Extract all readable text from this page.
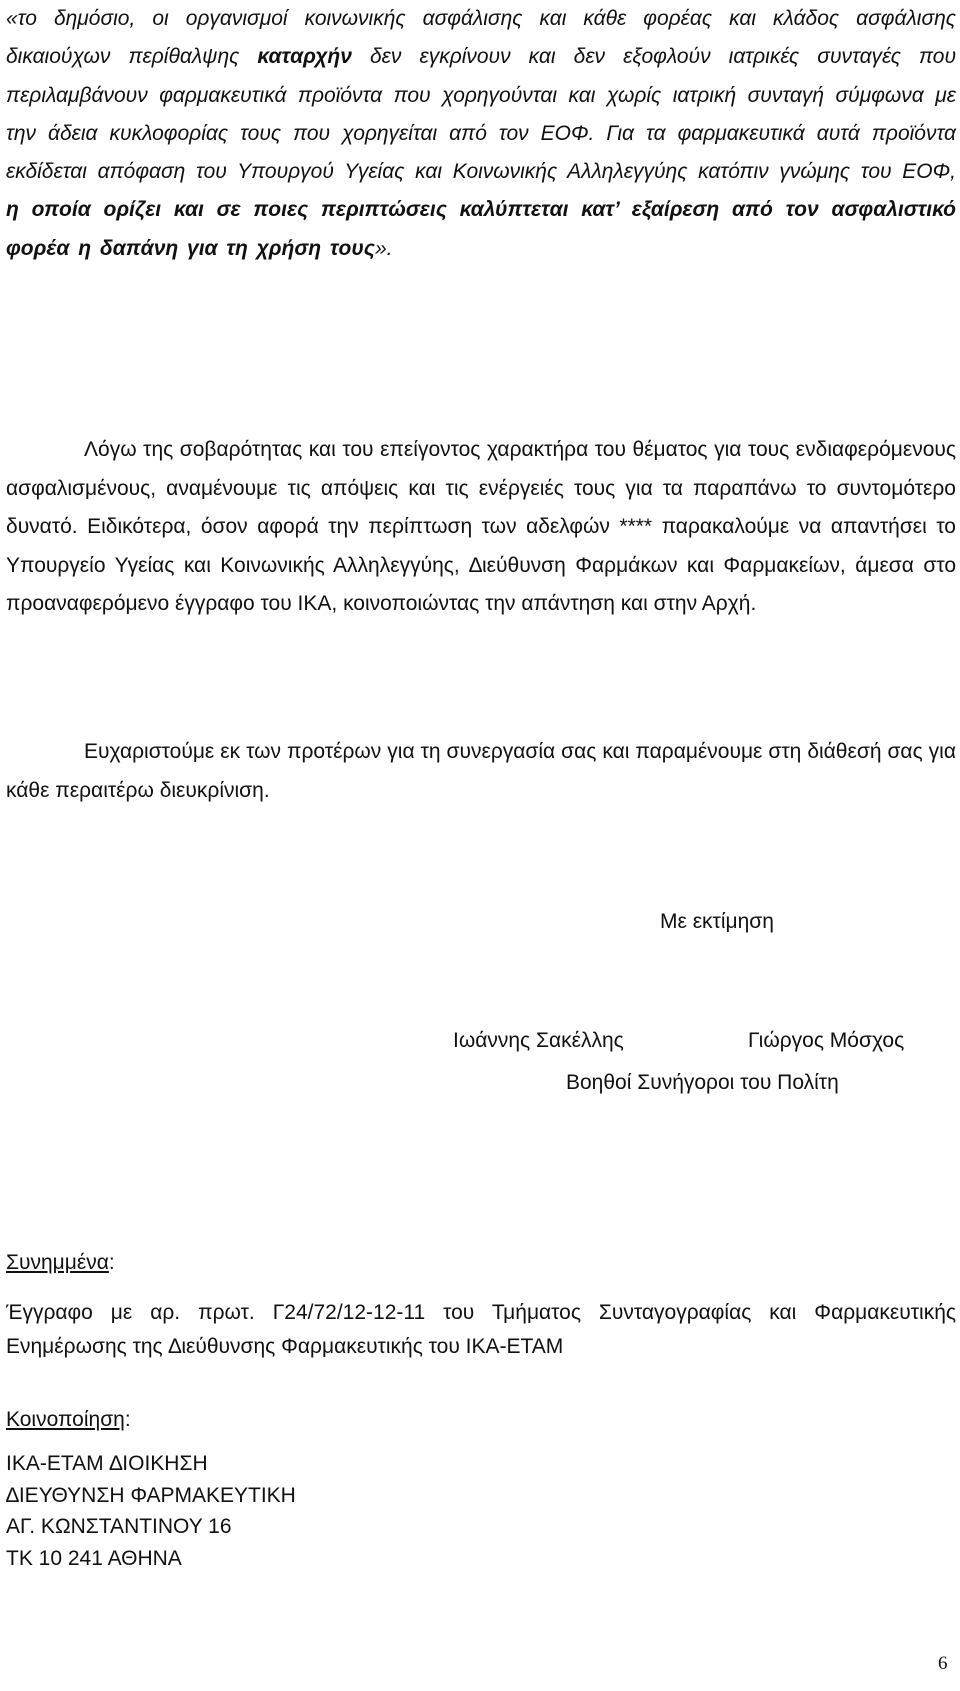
«το δημόσιο, οι οργανισμοί κοινωνικής ασφάλισης και κάθε φορέας και κλάδος ασφάλισης δικαιούχων περίθαλψης καταρχήν δεν εγκρίνουν και δεν εξοφλούν ιατρικές συνταγές που περιλαμβάνουν φαρμακευτικά προϊόντα που χορηγούνται και χωρίς ιατρική συνταγή σύμφωνα με την άδεια κυκλοφορίας τους που χορηγείται από τον ΕΟΦ. Για τα φαρμακευτικά αυτά προϊόντα εκδίδεται απόφαση του Υπουργού Υγείας και Κοινωνικής Αλληλεγγύης κατόπιν γνώμης του ΕΟΦ, η οποία ορίζει και σε ποιες περιπτώσεις καλύπτεται κατ’ εξαίρεση από τον ασφαλιστικό φορέα η δαπάνη για τη χρήση τους».
Λόγω της σοβαρότητας και του επείγοντος χαρακτήρα του θέματος για τους ενδιαφερόμενους ασφαλισμένους, αναμένουμε τις απόψεις και τις ενέργειές τους για τα παραπάνω το συντομότερο δυνατό. Ειδικότερα, όσον αφορά την περίπτωση των αδελφών **** παρακαλούμε να απαντήσει το Υπουργείο Υγείας και Κοινωνικής Αλληλεγγύης, ∆ιεύθυνση Φαρμάκων και Φαρμακείων, άμεσα στο προαναφερόμενο έγγραφο του ΙΚΑ, κοινοποιώντας την απάντηση και στην Αρχή.
Ευχαριστούμε εκ των προτέρων για τη συνεργασία σας και παραμένουμε στη διάθεσή σας για κάθε περαιτέρω διευκρίνιση.
Με εκτίμηση
Ιωάννης Σακέλλης	Γιώργος Μόσχος
Βοηθοί Συνήγοροι του Πολίτη
Συνημμένα:
Έγγραφο με αρ. πρωτ. Γ24/72/12-12-11 του Τμήματος Συνταγογραφίας και Φαρμακευτικής Ενημέρωσης της ∆ιεύθυνσης Φαρμακευτικής του ΙΚΑ-ΕΤΑΜ
Κοινοποίηση:
ΙΚΑ-ΕΤΑΜ ∆ΙΟΙΚΗΣΗ
∆ΙΕΥΘΥΝΣΗ ΦΑΡΜΑΚΕΥΤΙΚΗ
ΑΓ. ΚΩΝΣΤΑΝΤΙΝΟΥ 16
ΤΚ 10 241 ΑΘΗΝΑ
6
